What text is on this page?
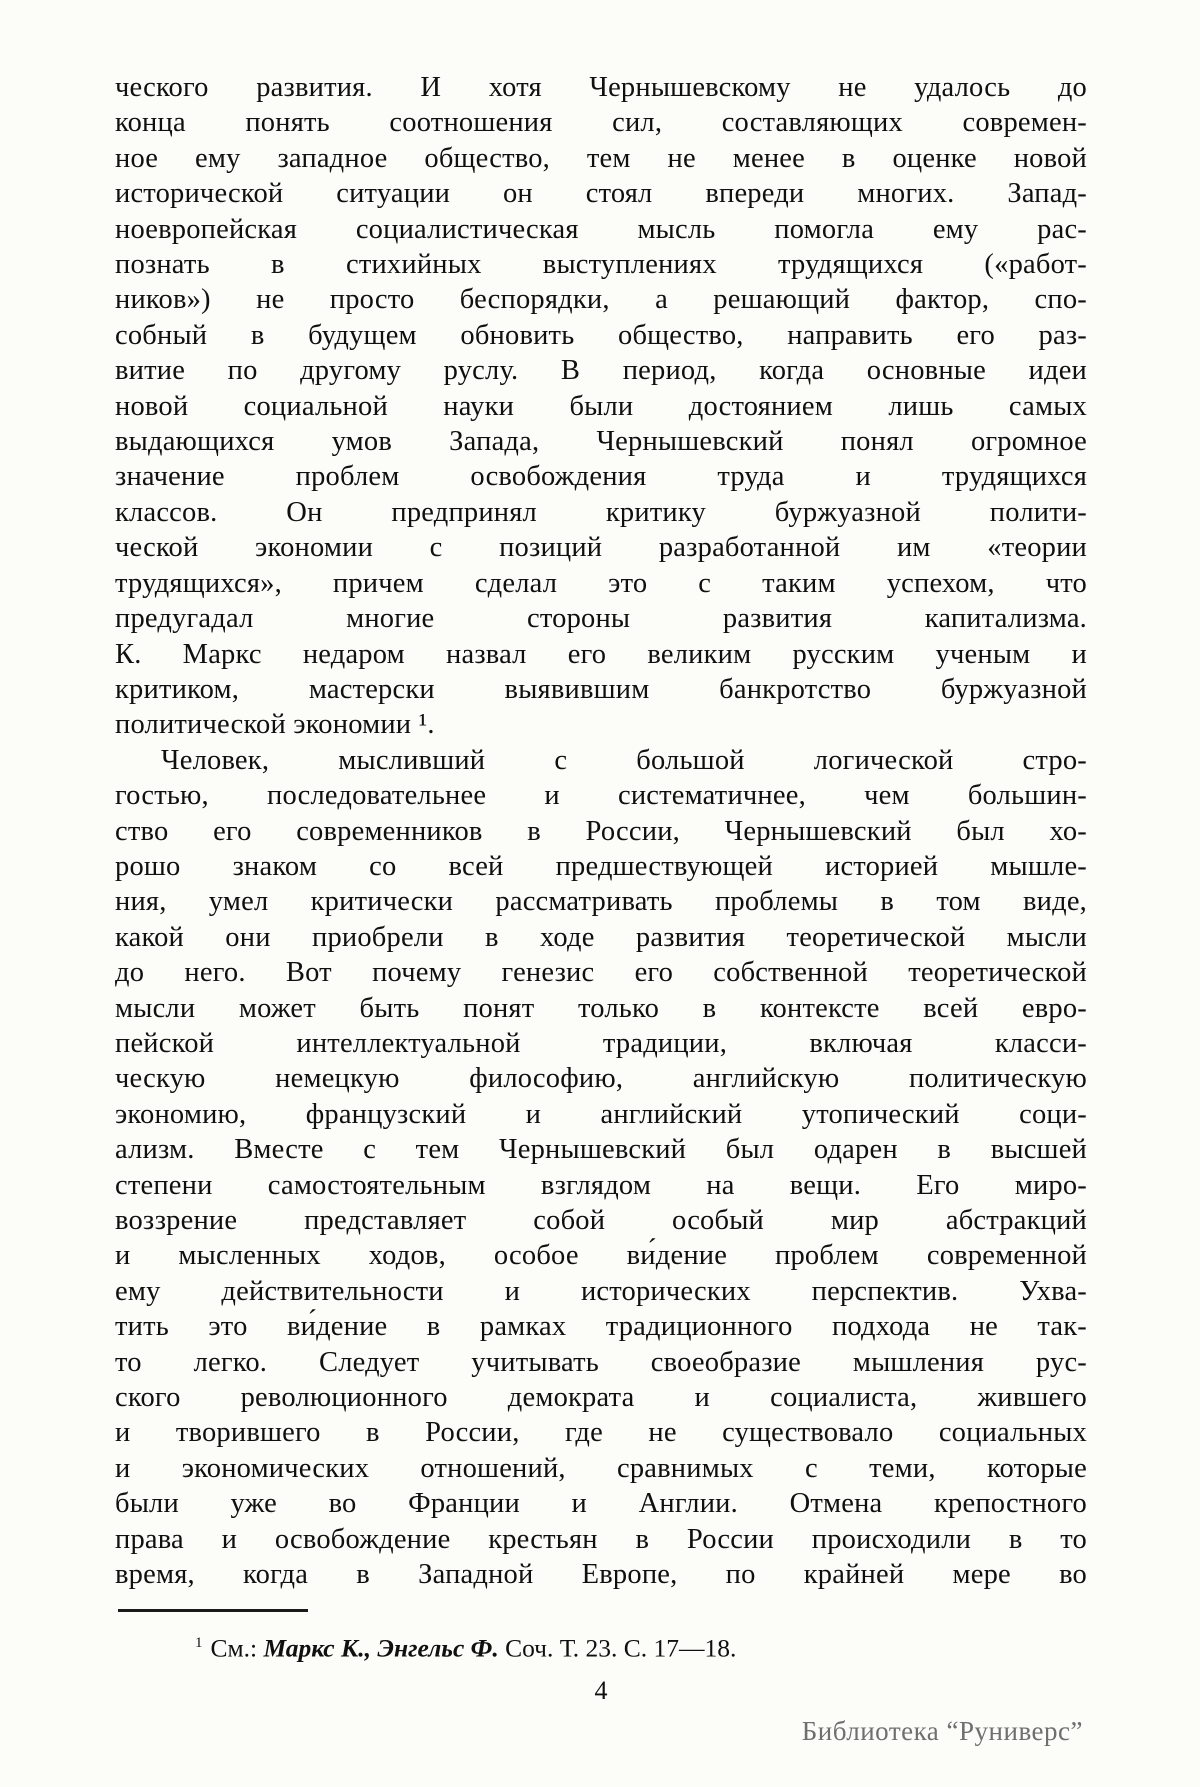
ческого развития. И хотя Чернышевскому не удалось до
конца понять соотношения сил, составляющих современ-
ное ему западное общество, тем не менее в оценке новой
исторической ситуации он стоял впереди многих. Запад-
ноевропейская социалистическая мысль помогла ему рас-
познать в стихийных выступлениях трудящихся («работ-
ников») не просто беспорядки, а решающий фактор, спо-
собный в будущем обновить общество, направить его раз-
витие по другому руслу. В период, когда основные идеи
новой социальной науки были достоянием лишь самых
выдающихся умов Запада, Чернышевский понял огромное
значение проблем освобождения труда и трудящихся
классов. Он предпринял критику буржуазной полити-
ческой экономии с позиций разработанной им «теории
трудящихся», причем сделал это с таким успехом, что
предугадал многие стороны развития капитализма.
К. Маркс недаром назвал его великим русским ученым и
критиком, мастерски выявившим банкротство буржуазной
политической экономии ¹.
Человек, мысливший с большой логической стро-
гостью, последовательнее и систематичнее, чем большин-
ство его современников в России, Чернышевский был хо-
рошо знаком со всей предшествующей историей мышле-
ния, умел критически рассматривать проблемы в том виде,
какой они приобрели в ходе развития теоретической мысли
до него. Вот почему генезис его собственной теоретической
мысли может быть понят только в контексте всей евро-
пейской интеллектуальной традиции, включая класси-
ческую немецкую философию, английскую политическую
экономию, французский и английский утопический соци-
ализм. Вместе с тем Чернышевский был одарен в высшей
степени самостоятельным взглядом на вещи. Его миро-
воззрение представляет собой особый мир абстракций
и мысленных ходов, особое ви́дение проблем современной
ему действительности и исторических перспектив. Ухва-
тить это ви́дение в рамках традиционного подхода не так-
то легко. Следует учитывать своеобразие мышления рус-
ского революционного демократа и социалиста, жившего
и творившего в России, где не существовало социальных
и экономических отношений, сравнимых с теми, которые
были уже во Франции и Англии. Отмена крепостного
права и освобождение крестьян в России происходили в то
время, когда в Западной Европе, по крайней мере во
$^1$ См.: Маркс К., Энгельс Ф. Соч. Т. 23. С. 17—18.
4
Библиотека “Руниверс”
